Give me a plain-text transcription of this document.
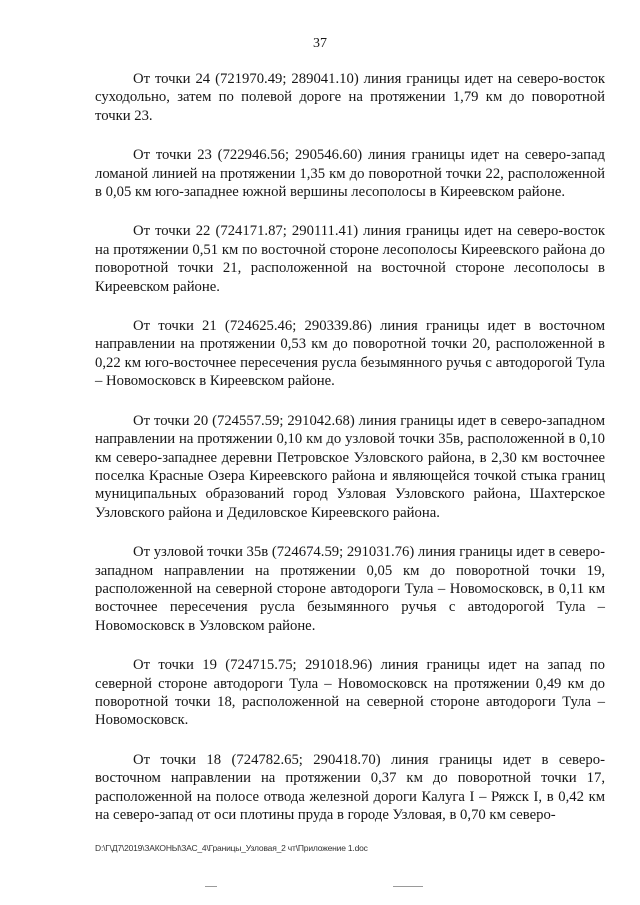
37

От точки 24 (721970.49; 289041.10) линия границы идет на северо-восток суходольно, затем по полевой дороге на протяжении 1,79 км до поворотной точки 23.

От точки 23 (722946.56; 290546.60) линия границы идет на северо-запад ломаной линией на протяжении 1,35 км до поворотной точки 22, расположенной в 0,05 км юго-западнее южной вершины лесополосы в Киреевском районе.

От точки 22 (724171.87; 290111.41) линия границы идет на северо-восток на протяжении 0,51 км по восточной стороне лесополосы Киреевского района до поворотной точки 21, расположенной на восточной стороне лесополосы в Киреевском районе.

От точки 21 (724625.46; 290339.86) линия границы идет в восточном направлении на протяжении 0,53 км до поворотной точки 20, расположенной в 0,22 км юго-восточнее пересечения русла безымянного ручья с автодорогой Тула – Новомосковск в Киреевском районе.

От точки 20 (724557.59; 291042.68) линия границы идет в северо-западном направлении на протяжении 0,10 км до узловой точки 35в, расположенной в 0,10 км северо-западнее деревни Петровское Узловского района, в 2,30 км восточнее поселка Красные Озера Киреевского района и являющейся точкой стыка границ муниципальных образований город Узловая Узловского района, Шахтерское Узловского района и Дедиловское Киреевского района.

От узловой точки 35в (724674.59; 291031.76) линия границы идет в северо-западном направлении на протяжении 0,05 км до поворотной точки 19, расположенной на северной стороне автодороги Тула – Новомосковск, в 0,11 км восточнее пересечения русла безымянного ручья с автодорогой Тула – Новомосковск в Узловском районе.

От точки 19 (724715.75; 291018.96) линия границы идет на запад по северной стороне автодороги Тула – Новомосковск на протяжении 0,49 км до поворотной точки 18, расположенной на северной стороне автодороги Тула – Новомосковск.

От точки 18 (724782.65; 290418.70) линия границы идет в северо-восточном направлении на протяжении 0,37 км до поворотной точки 17, расположенной на полосе отвода железной дороги Калуга I – Ряжск I, в 0,42 км на северо-запад от оси плотины пруда в городе Узловая, в 0,70 км северо-

D:\Г\Д7\2019\ЗАКОНЫ\ЗАС_4\Границы_Узловая_2 чт\Приложение 1.doc
